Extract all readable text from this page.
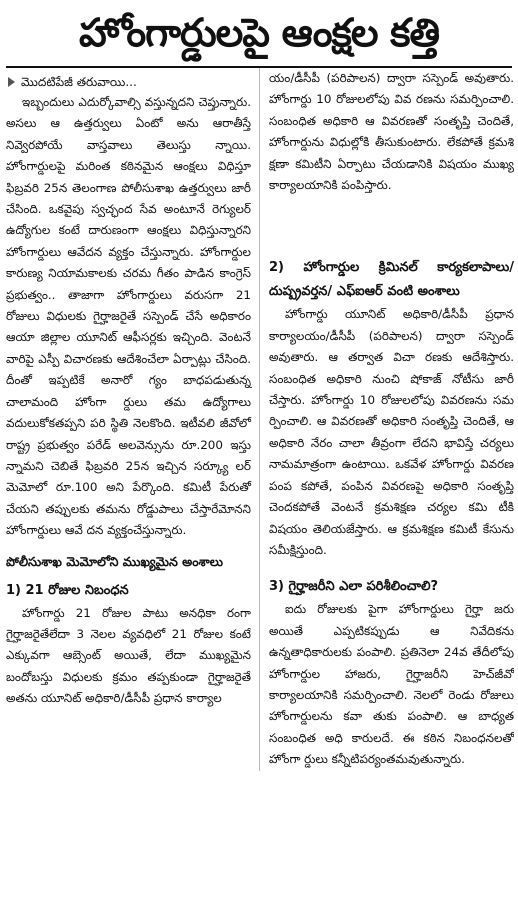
హోంగార్డులపై ఆంక్షల కత్తి
మొదటిపేజీ తరువాయి...

ఇబ్బందులు ఎదుర్కోవాల్సి వస్తున్నదని చెప్తున్నారు. అసలు ఆ ఉత్తర్వులు ఏంటో అను ఆరాతీస్తే నివ్వెరపోయే వాస్తవాలు తెలుస్తు న్నాయి. హోంగార్డులపై మరింత కఠినమైన ఆంక్షలు విధిస్తూ ఫిబ్రవరి 25న తెలంగాణ పోలీసుశాఖ ఉత్తర్వులు జారీ చేసింది. ఒకవైపు స్వచ్ఛంద సేవ అంటూనే రెగ్యులర్ ఉద్యోగుల కంటే దారుణంగా ఆంక్షలు విధిస్తున్నారని హోంగార్డులు ఆవేదన వ్యక్తం చేస్తున్నారు. హోంగార్డుల కారుణ్య నియామకాలకు చరమ గీతం పాడిన కాంగ్రెస్ ప్రభుత్వం.. తాజాగా హోంగార్డులు వరుసగా 21 రోజులు విధులకు గైర్హాజరైతే సస్పెండ్ చేసే అధికారం ఆయా జిల్లాల యూనిట్ ఆఫీసర్లకు ఇచ్చింది. వెంటనే వారిపై ఎస్పీ విచారణకు ఆదేశించేలా ఏర్పాట్లు చేసింది. దీంతో ఇప్పటికే అనారో గ్యం బాధపడుతున్న చాలామంది హోంగా ర్డులు తమ ఉద్యోగాలు వదులుకోకతప్పని పరి స్థితి నెలకొంది. ఇటీవలి జీవోలో రాష్ట్ర ప్రభుత్వం పరేడ్ అలవెన్సును రూ.200 ఇస్తు న్నామని చెబితే ఫిబ్రవరి 25న ఇచ్చిన సర్క్యూ లర్ మెమోలో రూ.100 అని పేర్కొంది. కమిటీ పేరుతో చేయని తప్పులకు తమను రోడ్డుపాలు చేస్తారేమోనని హోంగార్డులు ఆవే దన వ్యక్తంచేస్తున్నారు.

పోలీసుశాఖ మెమోలోని ముఖ్యమైన అంశాలు

1) 21 రోజుల నిబంధన

హోంగార్డు 21 రోజుల పాటు అనధికా రంగా గైర్హాజరైతేలేదా 3 నెలల వ్యవధిలో 21 రోజుల కంటే ఎక్కువగా ఆబ్సెంట్ అయితే, లేదా ముఖ్యమైన బందోబస్తు విధులకు క్రమం తప్పకుండా గైర్హాజరైతే అతను యూనిట్ అధికారి/డీసీపీ ప్రధాన కార్యాల

యం/డీసీపీ (పరిపాలన) ద్వారా సస్పెండ్ అవుతారు. హోంగార్డు 10 రోజులలోపు వివ రణను సమర్పించాలి. సంబంధిత అధికారి ఆ వివరణతో సంతృప్తి చెందితే, హోంగార్డును విధుల్లోకి తీసుకుంటారు. లేకపోతే క్రమశి క్షణా కమిటీని ఏర్పాటు చేయడానికి విషయం ముఖ్య కార్యాలయానికి పంపిస్తారు.

2) హోంగార్డుల క్రిమినల్ కార్యకలాపాలు/దుష్ప్రవర్తన/ ఎఫ్ఐఆర్ వంటి అంశాలు

హోంగార్డు యూనిట్ అధికారి/డీసీపీ ప్రధాన కార్యాలయం/డీసీపీ (పరిపాలన) ద్వారా సస్పెండ్ అవుతారు. ఆ తర్వాత విచా రణకు ఆదేశిస్తారు. సంబంధిత అధికారి నుంచి షోకాజ్ నోటీసు జారీ చేస్తారు. హోంగార్డు 10 రోజులలోపు వివరణను సమ ర్పించాలి. ఆ వివరణతో అధికారి సంతృప్తి చెందితే, ఆ అధికారి నేరం చాలా తీవ్రంగా లేదని భావిస్తే చర్యలు నామమాత్రంగా ఉంటాయి. ఒకవేళ హోంగార్డు వివరణ పంప కపోతే, పంపిన వివరణపై అధికారి సంతృప్తి చెందకపోతే వెంటనే క్రమశిక్షణ చర్యల కమి టీకి విషయం తెలియజేస్తారు. ఆ క్రమశిక్షణ కమిటీ కేసును సమీక్షిస్తుంది.

3) గైర్హాజరీని ఎలా పరిశీలించాలి?

ఐదు రోజులకు పైగా హోంగార్డులు గైర్హా జరు అయితే ఎప్పటికప్పుడు ఆ నివేదికను ఉన్నతాధికారులకు పంపాలి. ప్రతినెలా 24వ తేదీలోపు హోంగార్డుల హాజరు, గైర్హాజరీని హెచ్‌జీవో కార్యాలయానికి సమర్పించాలి. నెలలో రెండు రోజులు హోంగార్డులను కవా తుకు పంపాలి. ఆ బాధ్యత సంబంధిత అధి కారులదే. ఈ కఠిన నిబంధనలతో హోంగా ర్డులు కన్నీటిపర్యంతమవుతున్నారు.
